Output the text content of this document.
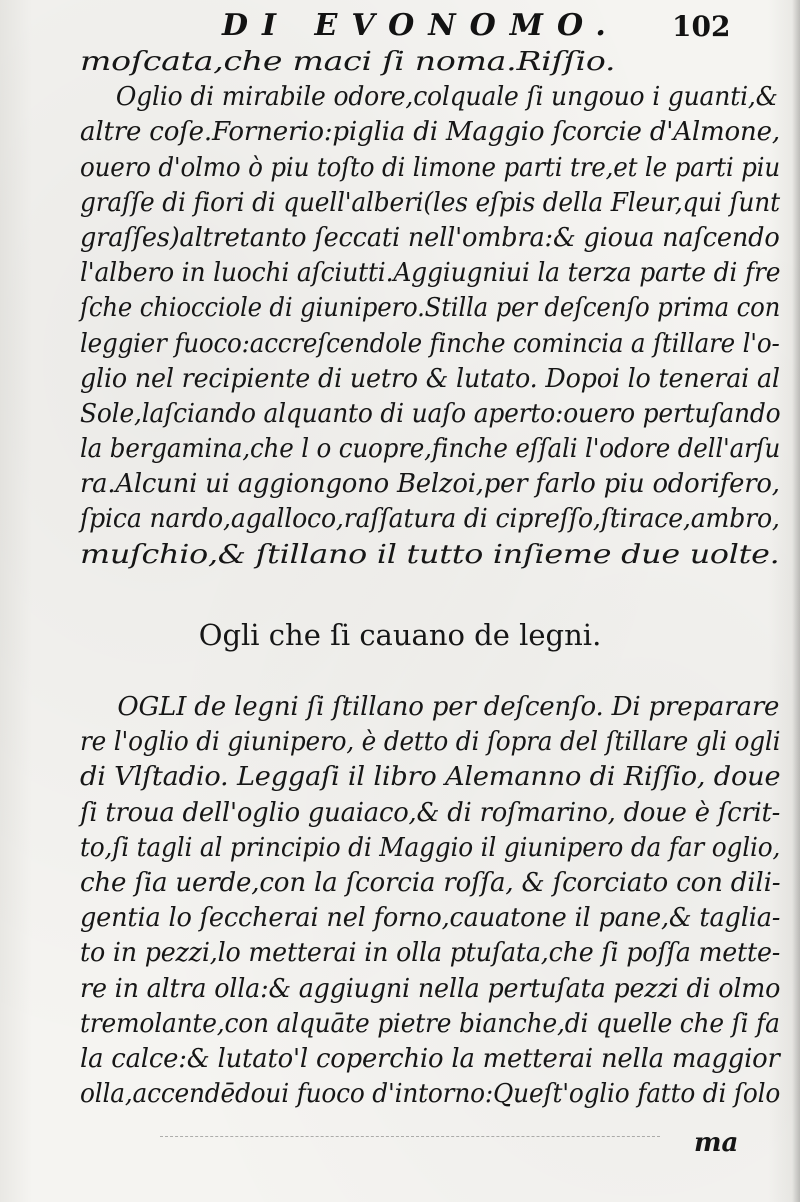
DI EVONOMO. 102
moſcata,che maci ſi noma.Riſſio.
Oglio di mirabile odore,colquale ſi ungouo i guanti,&
altre coſe.Fornerio:piglia di Maggio ſcorcie d'Almone,
ouero d'olmo ò piu toſto di limone parti tre,et le parti piu
graſſe di fiori di quell'alberi(les eſpis della Fleur,qui ſunt
graſſes)altretanto ſeccati nell'ombra:& gioua naſcendo
l'albero in luochi aſciutti.Aggiugniui la terza parte di fre
ſche chiocciole di giunipero.Stilla per deſcenſo prima con
leggier fuoco:accreſcendole finche comincia a ſtillare l'o-
glio nel recipiente di uetro & lutato. Dopoi lo tenerai al
Sole,laſciando alquanto di uaſo aperto:ouero pertuſando
la bergamina,che l o cuopre,finche eſſali l'odore dell'arſu
ra.Alcuni ui aggiongono Belzoi,per farlo piu odorifero,
ſpica nardo,agalloco,raſſatura di cipreſſo,ſtirace,ambro,
muſchio,& ſtillano il tutto inſieme due uolte.
Ogli che ſi cauano de legni.
OGLI de legni ſi ſtillano per deſcenſo. Di preparare
re l'oglio di giunipero, è detto di ſopra del ſtillare gli ogli
di Vlſtadio. Leggaſi il libro Alemanno di Riſſio, doue
ſi troua dell'oglio guaiaco,& di roſmarino, doue è ſcrit-
to,ſi tagli al principio di Maggio il giunipero da far oglio,
che ſia uerde,con la ſcorcia roſſa, & ſcorciato con dili-
gentia lo ſeccherai nel forno,cauatone il pane,& taglia-
to in pezzi,lo metterai in olla ptuſata,che ſi poſſa mette-
re in altra olla:& aggiugni nella pertuſata pezzi di olmo
tremolante,con alquāte pietre bianche,di quelle che ſi fa
la calce:& lutato'l coperchio la metterai nella maggior
olla,accendēdoui fuoco d'intorno:Queſt'oglio fatto di ſolo
ma
